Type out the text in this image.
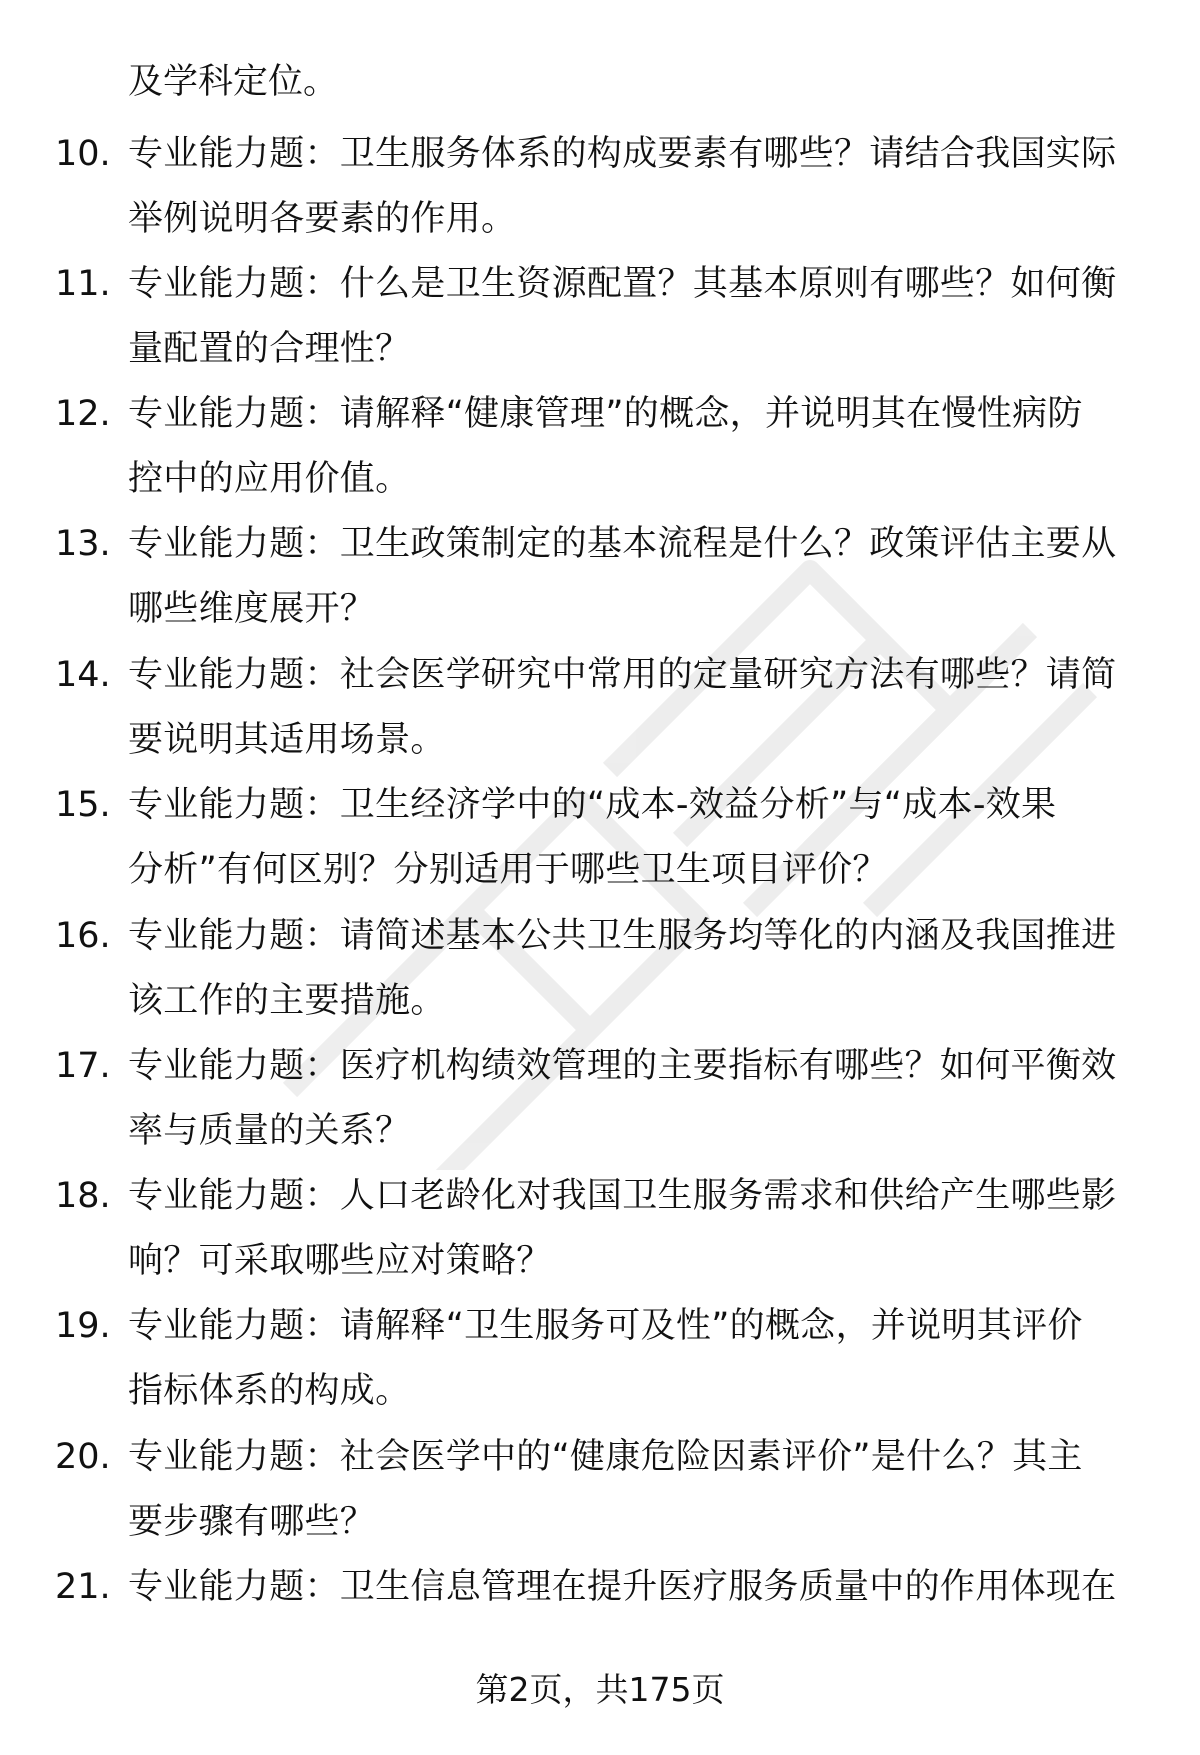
及学科定位。
10. 专业能力题：卫生服务体系的构成要素有哪些？请结合我国实际
举例说明各要素的作用。
11. 专业能力题：什么是卫生资源配置？其基本原则有哪些？如何衡
量配置的合理性？
12. 专业能力题：请解释“健康管理”的概念，并说明其在慢性病防
控中的应用价值。
13. 专业能力题：卫生政策制定的基本流程是什么？政策评估主要从
哪些维度展开？
14. 专业能力题：社会医学研究中常用的定量研究方法有哪些？请简
要说明其适用场景。
15. 专业能力题：卫生经济学中的“成本-效益分析”与“成本-效果
分析”有何区别？分别适用于哪些卫生项目评价？
16. 专业能力题：请简述基本公共卫生服务均等化的内涵及我国推进
该工作的主要措施。
17. 专业能力题：医疗机构绩效管理的主要指标有哪些？如何平衡效
率与质量的关系？
18. 专业能力题：人口老龄化对我国卫生服务需求和供给产生哪些影
响？可采取哪些应对策略？
19. 专业能力题：请解释“卫生服务可及性”的概念，并说明其评价
指标体系的构成。
20. 专业能力题：社会医学中的“健康危险因素评价”是什么？其主
要步骤有哪些？
21. 专业能力题：卫生信息管理在提升医疗服务质量中的作用体现在
第2页，共175页
